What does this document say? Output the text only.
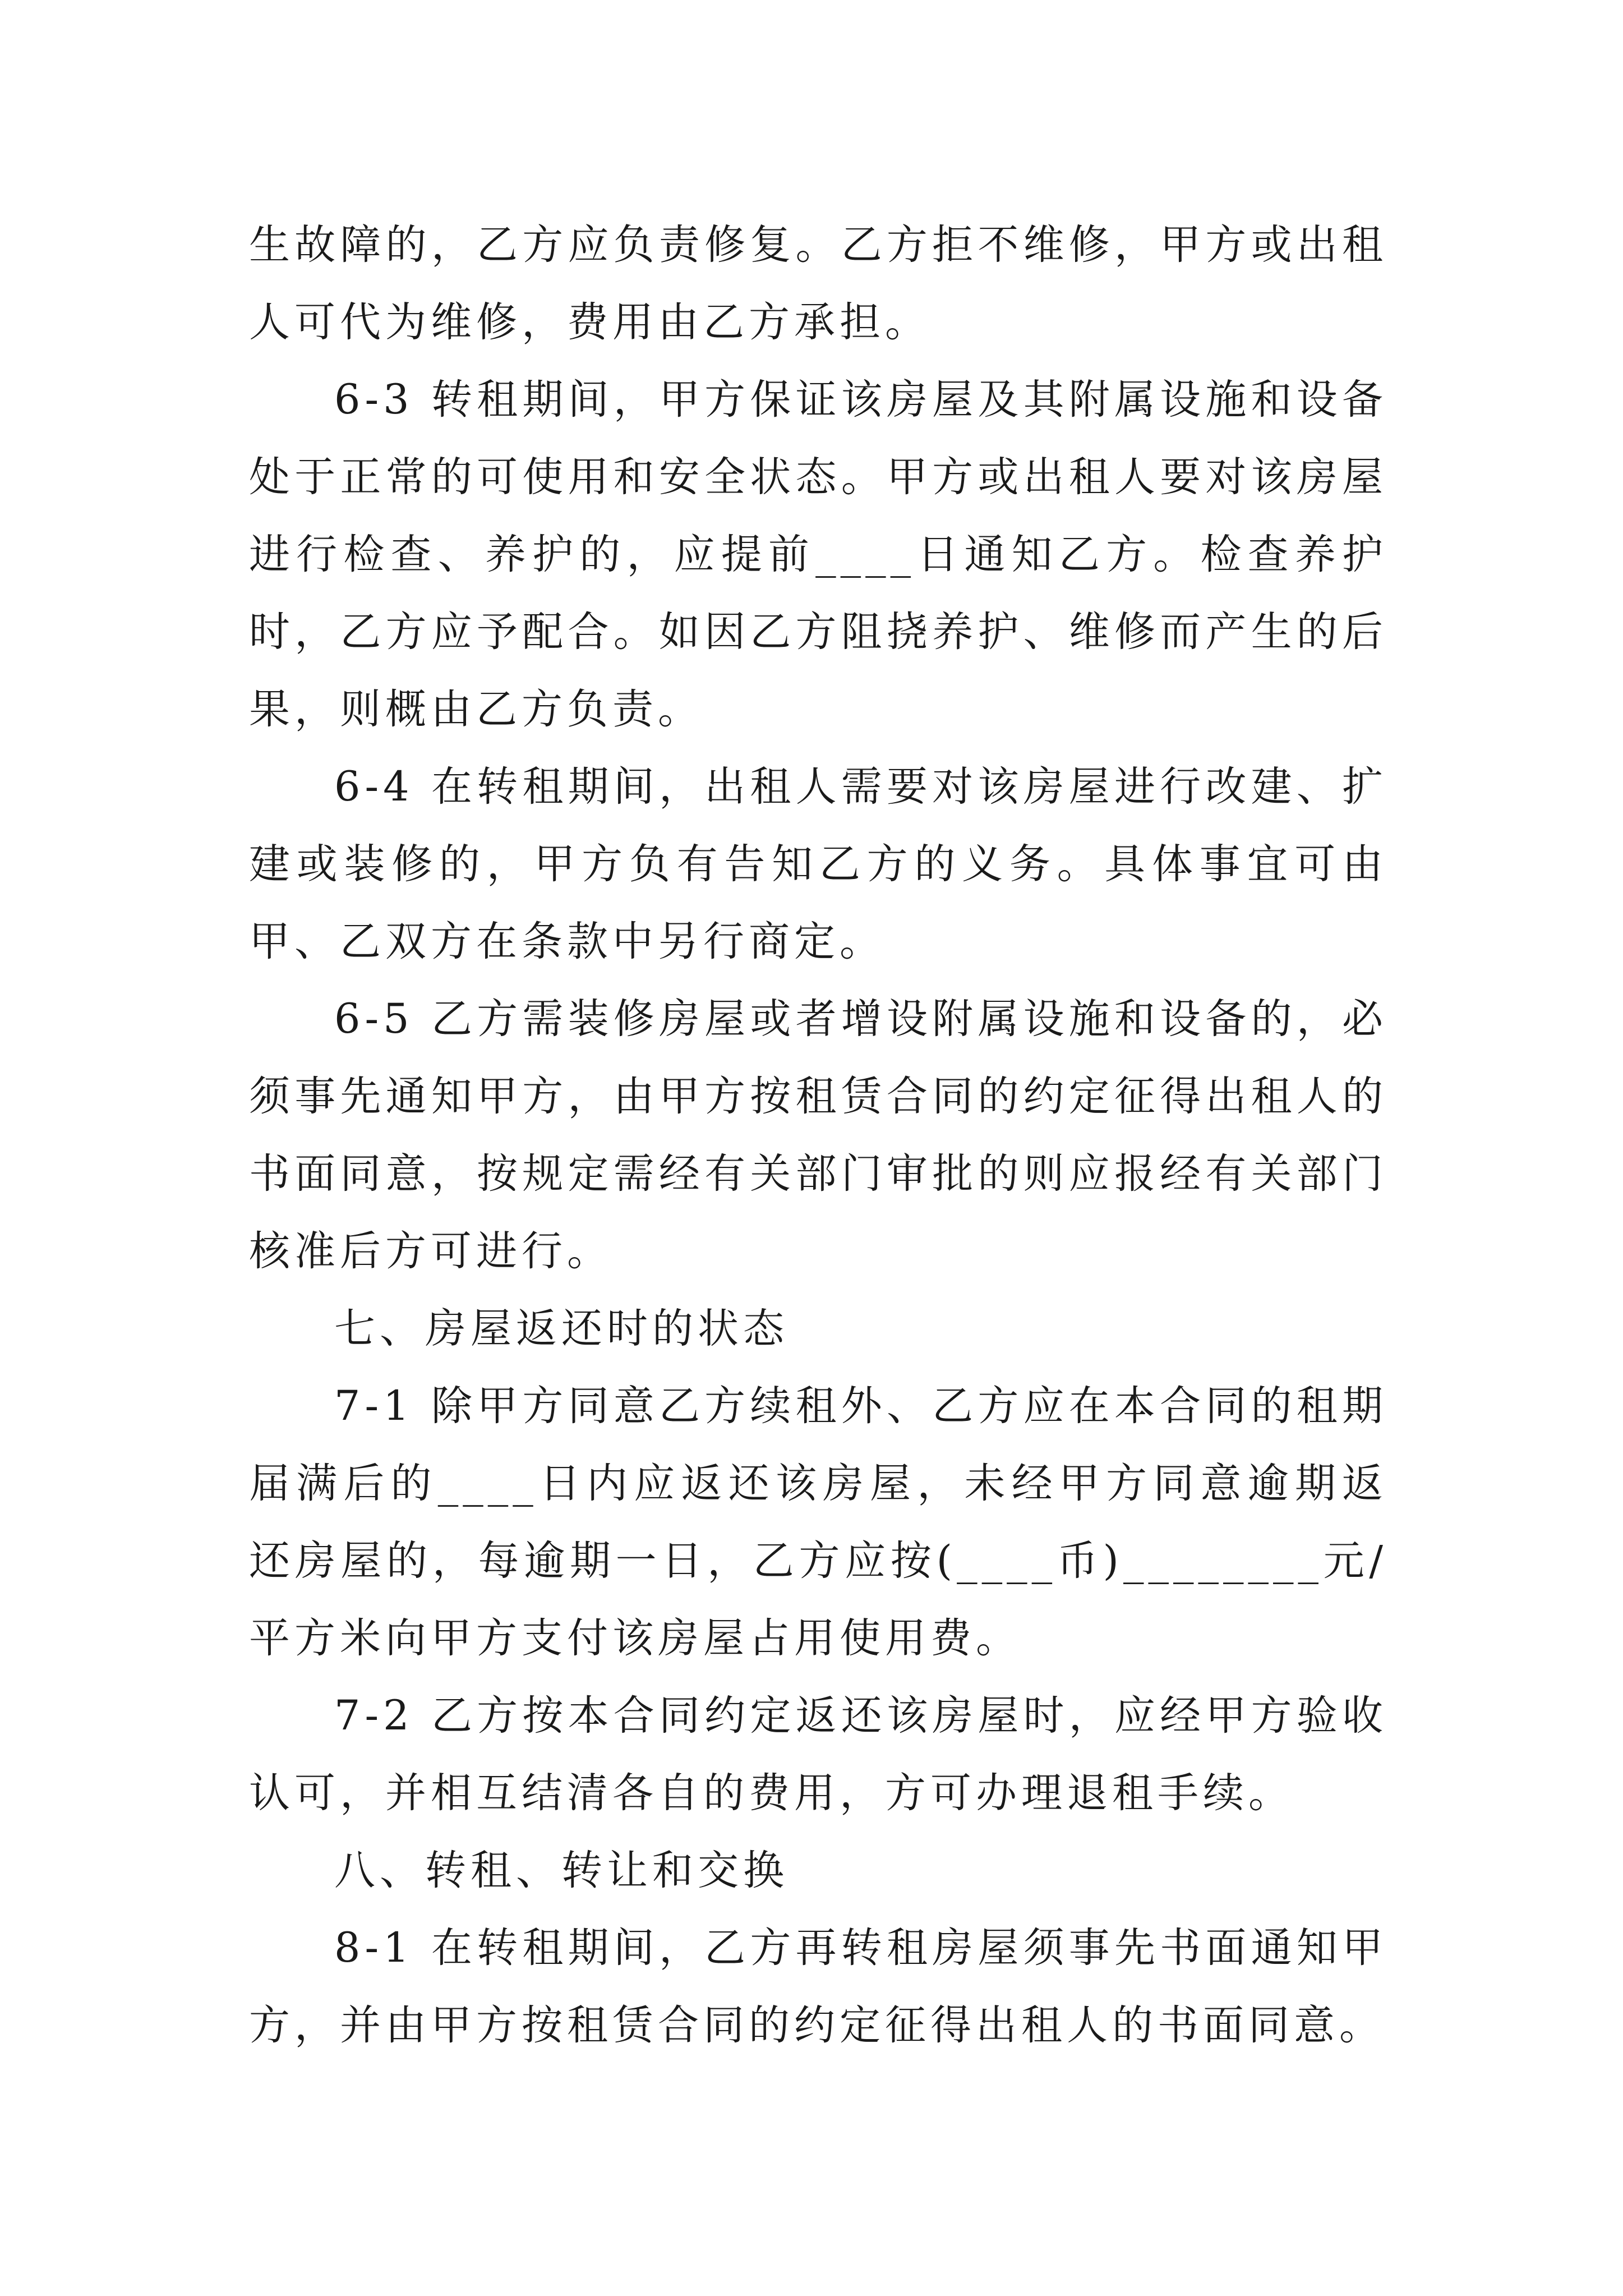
生故障的，乙方应负责修复。乙方拒不维修，甲方或出租人可代为维修，费用由乙方承担。

6-3 转租期间，甲方保证该房屋及其附属设施和设备处于正常的可使用和安全状态。甲方或出租人要对该房屋进行检查、养护的，应提前____日通知乙方。检查养护时，乙方应予配合。如因乙方阻挠养护、维修而产生的后果，则概由乙方负责。

6-4 在转租期间，出租人需要对该房屋进行改建、扩建或装修的，甲方负有告知乙方的义务。具体事宜可由甲、乙双方在条款中另行商定。

6-5 乙方需装修房屋或者增设附属设施和设备的，必须事先通知甲方，由甲方按租赁合同的约定征得出租人的书面同意，按规定需经有关部门审批的则应报经有关部门核准后方可进行。

七、房屋返还时的状态

7-1 除甲方同意乙方续租外、乙方应在本合同的租期届满后的____日内应返还该房屋，未经甲方同意逾期返还房屋的，每逾期一日，乙方应按(____币)________元/平方米向甲方支付该房屋占用使用费。

7-2 乙方按本合同约定返还该房屋时，应经甲方验收认可，并相互结清各自的费用，方可办理退租手续。

八、转租、转让和交换

8-1 在转租期间，乙方再转租房屋须事先书面通知甲方，并由甲方按租赁合同的约定征得出租人的书面同意。
